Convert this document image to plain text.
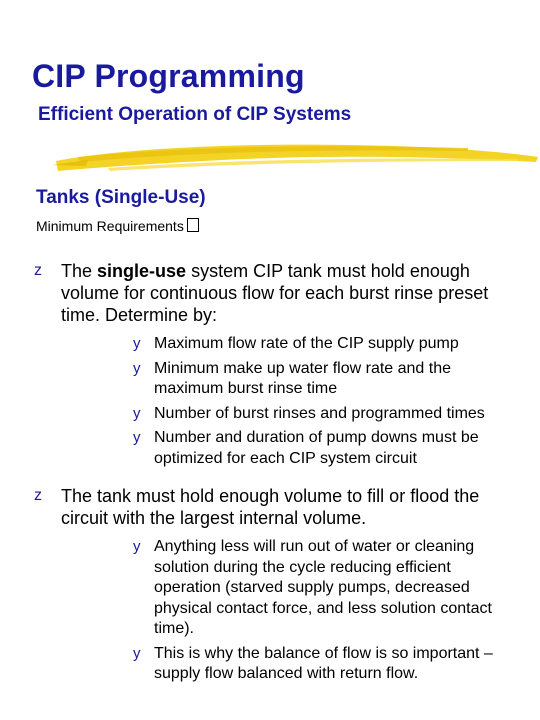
CIP Programming
Efficient Operation of CIP Systems
Tanks (Single-Use)
Minimum Requirements
z The single-use system CIP tank must hold enough volume for continuous flow for each burst rinse preset time. Determine by:
y Maximum flow rate of the CIP supply pump
y Minimum make up water flow rate and the maximum burst rinse time
y Number of burst rinses and programmed times
y Number and duration of pump downs must be optimized for each CIP system circuit
z The tank must hold enough volume to fill or flood the circuit with the largest internal volume.
y Anything less will run out of water or cleaning solution during the cycle reducing efficient operation (starved supply pumps, decreased physical contact force, and less solution contact time).
y This is why the balance of flow is so important – supply flow balanced with return flow.
